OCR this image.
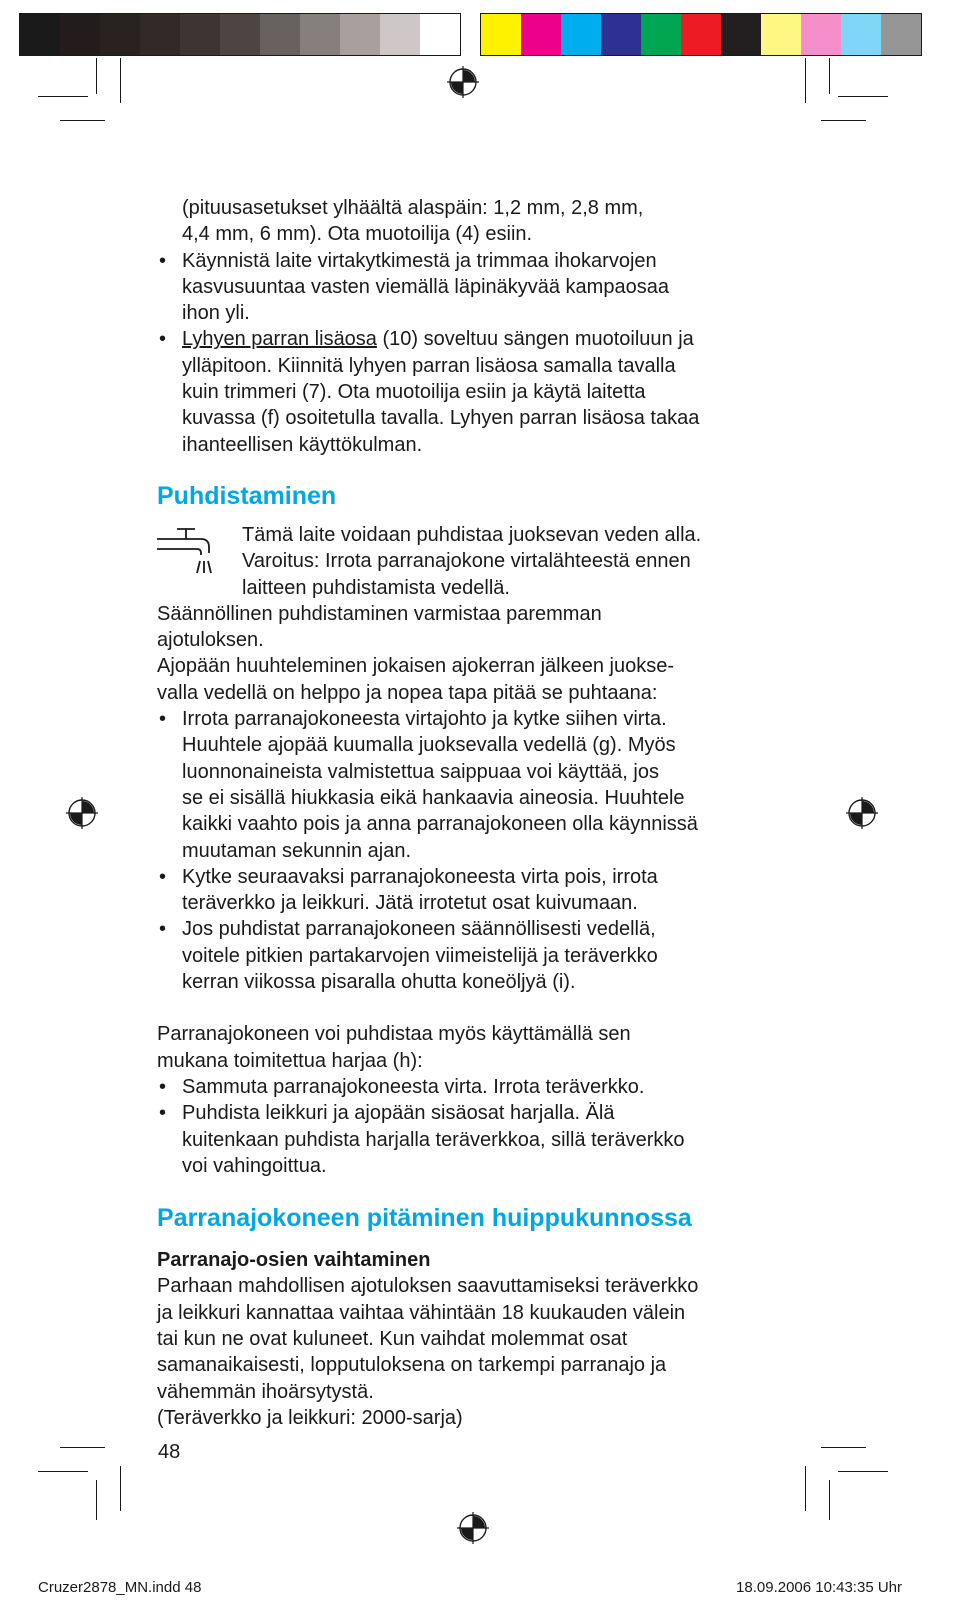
(pituusasetukset ylhäältä alaspäin: 1,2 mm, 2,8 mm,
4,4 mm, 6 mm). Ota muotoilija (4) esiin.

• Käynnistä laite virtakytkimestä ja trimmaa ihokarvojen
kasvusuuntaa vasten viemällä läpinäkyvää kampaosaa
ihon yli.
• Lyhyen parran lisäosa (10) soveltuu sängen muotoiluun ja
ylläpitoon. Kiinnitä lyhyen parran lisäosa samalla tavalla
kuin trimmeri (7). Ota muotoilija esiin ja käytä laitetta
kuvassa (f) osoitetulla tavalla. Lyhyen parran lisäosa takaa
ihanteellisen käyttökulman.
Puhdistaminen

Tämä laite voidaan puhdistaa juoksevan veden alla.
Varoitus: Irrota parranajokone virtalähteestä ennen
laitteen puhdistamista vedellä.

Säännöllinen puhdistaminen varmistaa paremman
ajotuloksen.

Ajopään huuhteleminen jokaisen ajokerran jälkeen juokse-
valla vedellä on helppo ja nopea tapa pitää se puhtaana:

• Irrota parranajokoneesta virtajohto ja kytke siihen virta.
Huuhtele ajopää kuumalla juoksevalla vedellä (g). Myös
luonnonaineista valmistettua saippuaa voi käyttää, jos
se ei sisällä hiukkasia eikä hankaavia aineosia. Huuhtele
kaikki vaahto pois ja anna parranajokoneen olla käynnissä
muutaman sekunnin ajan.
• Kytke seuraavaksi parranajokoneesta virta pois, irrota
teräverkko ja leikkuri. Jätä irrotetut osat kuivumaan.
• Jos puhdistat parranajokoneen säännöllisesti vedellä,
voitele pitkien partakarvojen viimeistelijä ja teräverkko
kerran viikossa pisaralla ohutta koneöljyä (i).

Parranajokoneen voi puhdistaa myös käyttämällä sen
mukana toimitettua harjaa (h):

• Sammuta parranajokoneesta virta. Irrota teräverkko.
• Puhdista leikkuri ja ajopään sisäosat harjalla. Älä
kuitenkaan puhdista harjalla teräverkkoa, sillä teräverkko
voi vahingoittua.
Parranajokoneen pitäminen huippukunnossa

Parranajo-osien vaihtaminen

Parhaan mahdollisen ajotuloksen saavuttamiseksi teräverkko
ja leikkuri kannattaa vaihtaa vähintään 18 kuukauden välein
tai kun ne ovat kuluneet. Kun vaihdat molemmat osat
samanaikaisesti, lopputuloksena on tarkempi parranajo ja
vähemmän ihoärsytystä.

(Teräverkko ja leikkuri: 2000-sarja)

48
Cruzer2878_MN.indd 48	18.09.2006 10:43:35 Uhr
